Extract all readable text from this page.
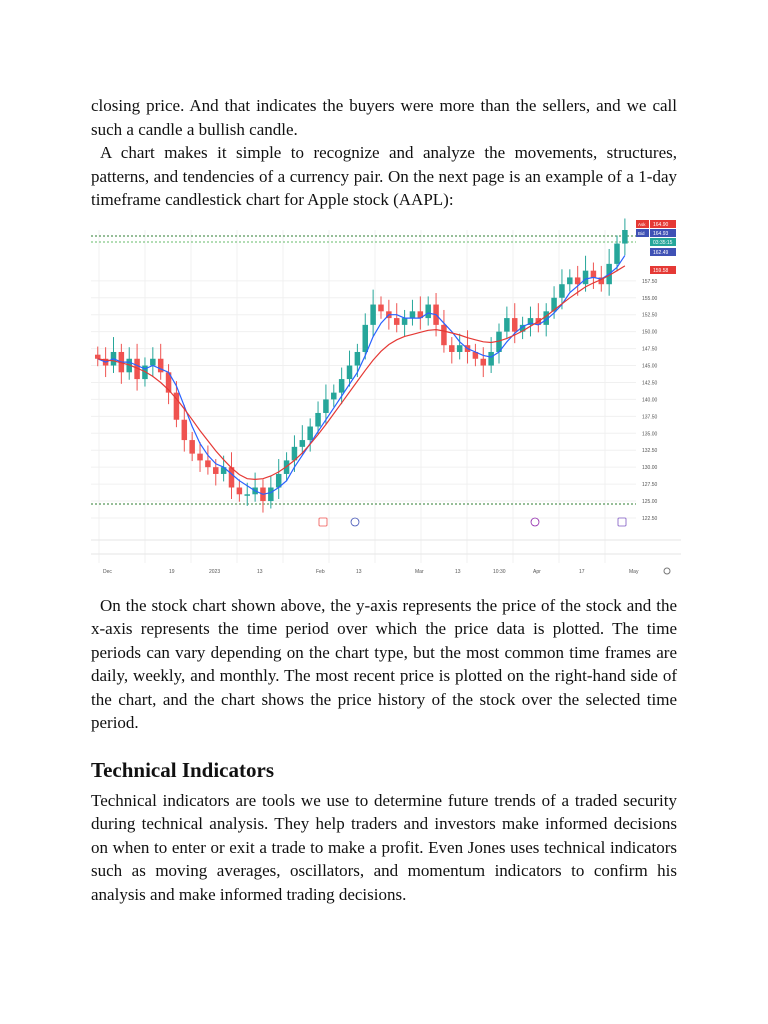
closing price. And that indicates the buyers were more than the sellers, and we call such a candle a bullish candle.

A chart makes it simple to recognize and analyze the movements, structures, patterns, and tendencies of a currency pair. On the next page is an example of a 1-day timeframe candlestick chart for Apple stock (AAPL):

157.50
155.00
152.50
150.00
147.50
145.00
142.50
140.00
137.50
135.00
132.50
130.00
127.50
125.00
122.50
Ask 164.90
Bid 164.93
03:35:15
162.49
159.58
Dec	19	2023	13	Feb	13	Mar	13	10:30	Apr	17	May

On the stock chart shown above, the y-axis represents the price of the stock and the x-axis represents the time period over which the price data is plotted. The time periods can vary depending on the chart type, but the most common time frames are daily, weekly, and monthly. The most recent price is plotted on the right-hand side of the chart, and the chart shows the price history of the stock over the selected time period.

Technical Indicators

Technical indicators are tools we use to determine future trends of a traded security during technical analysis. They help traders and investors make informed decisions on when to enter or exit a trade to make a profit. Even Jones uses technical indicators such as moving averages, oscillators, and momentum indicators to confirm his analysis and make informed trading decisions.
